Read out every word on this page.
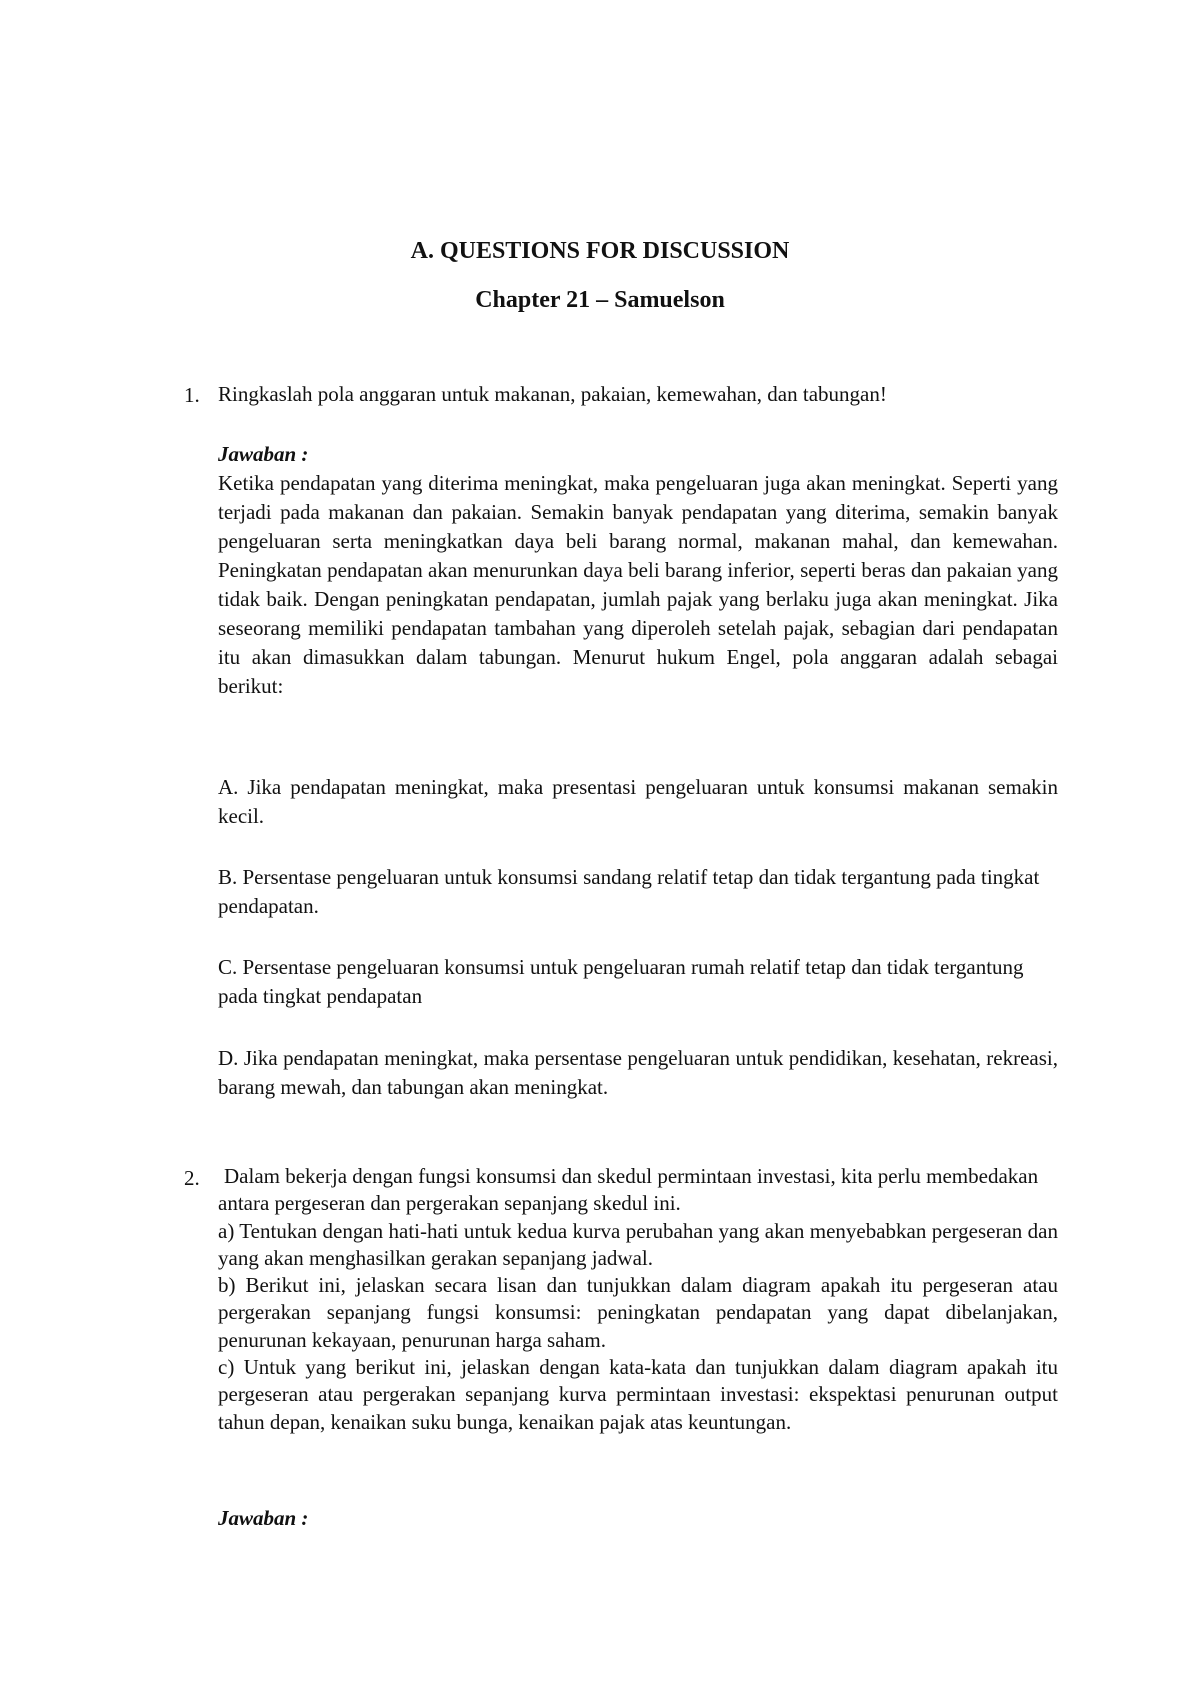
A. QUESTIONS FOR DISCUSSION
Chapter 21 – Samuelson
1. Ringkaslah pola anggaran untuk makanan, pakaian, kemewahan, dan tabungan!

Jawaban :

Ketika pendapatan yang diterima meningkat, maka pengeluaran juga akan meningkat. Seperti yang terjadi pada makanan dan pakaian. Semakin banyak pendapatan yang diterima, semakin banyak pengeluaran serta meningkatkan daya beli barang normal, makanan mahal, dan kemewahan. Peningkatan pendapatan akan menurunkan daya beli barang inferior, seperti beras dan pakaian yang tidak baik. Dengan peningkatan pendapatan, jumlah pajak yang berlaku juga akan meningkat. Jika seseorang memiliki pendapatan tambahan yang diperoleh setelah pajak, sebagian dari pendapatan itu akan dimasukkan dalam tabungan. Menurut hukum Engel, pola anggaran adalah sebagai berikut:

A. Jika pendapatan meningkat, maka presentasi pengeluaran untuk konsumsi makanan semakin kecil.

B. Persentase pengeluaran untuk konsumsi sandang relatif tetap dan tidak tergantung pada tingkat pendapatan.

C. Persentase pengeluaran konsumsi untuk pengeluaran rumah relatif tetap dan tidak tergantung pada tingkat pendapatan

D. Jika pendapatan meningkat, maka persentase pengeluaran untuk pendidikan, kesehatan, rekreasi, barang mewah, dan tabungan akan meningkat.

2. Dalam bekerja dengan fungsi konsumsi dan skedul permintaan investasi, kita perlu membedakan antara pergeseran dan pergerakan sepanjang skedul ini.

a) Tentukan dengan hati-hati untuk kedua kurva perubahan yang akan menyebabkan pergeseran dan yang akan menghasilkan gerakan sepanjang jadwal.

b) Berikut ini, jelaskan secara lisan dan tunjukkan dalam diagram apakah itu pergeseran atau pergerakan sepanjang fungsi konsumsi: peningkatan pendapatan yang dapat dibelanjakan, penurunan kekayaan, penurunan harga saham.

c) Untuk yang berikut ini, jelaskan dengan kata-kata dan tunjukkan dalam diagram apakah itu pergeseran atau pergerakan sepanjang kurva permintaan investasi: ekspektasi penurunan output tahun depan, kenaikan suku bunga, kenaikan pajak atas keuntungan.

Jawaban :
